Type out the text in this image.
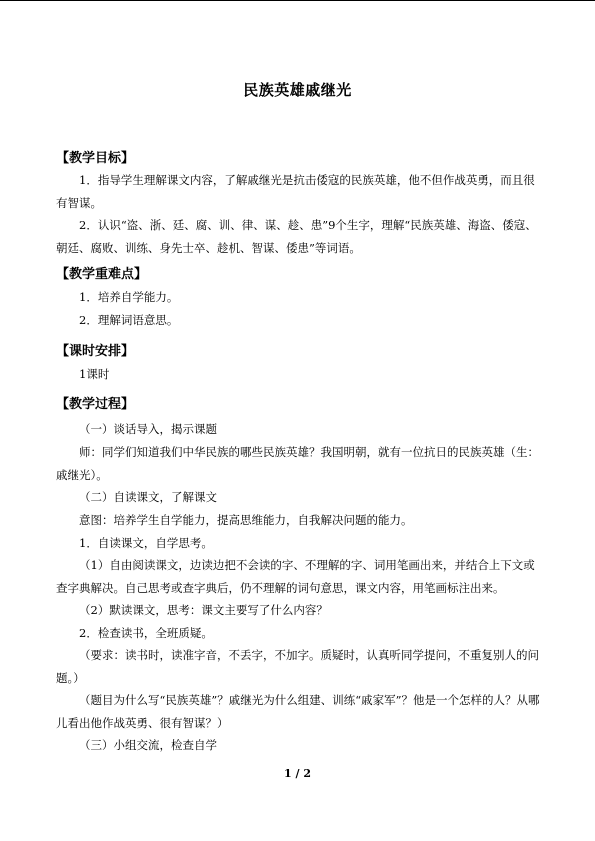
民族英雄戚继光
【教学目标】
1．指导学生理解课文内容，了解戚继光是抗击倭寇的民族英雄，他不但作战英勇，而且很有智谋。
2．认识“盗、浙、廷、腐、训、律、谋、趁、患”9个生字，理解“民族英雄、海盗、倭寇、朝廷、腐败、训练、身先士卒、趁机、智谋、倭患”等词语。
【教学重难点】
1．培养自学能力。
2．理解词语意思。
【课时安排】
1课时
【教学过程】
（一）谈话导入，揭示课题
师：同学们知道我们中华民族的哪些民族英雄？我国明朝，就有一位抗日的民族英雄（生：戚继光）。
（二）自读课文，了解课文
意图：培养学生自学能力，提高思维能力，自我解决问题的能力。
1．自读课文，自学思考。
（1）自由阅读课文，边读边把不会读的字、不理解的字、词用笔画出来，并结合上下文或查字典解决。自己思考或查字典后，仍不理解的词句意思，课文内容，用笔画标注出来。
（2）默读课文，思考：课文主要写了什么内容？
2．检查读书，全班质疑。
（要求：读书时，读准字音，不丢字，不加字。质疑时，认真听同学提问，不重复别人的问题。）
（题目为什么写“民族英雄”？戚继光为什么组建、训练“戚家军”？他是一个怎样的人？从哪儿看出他作战英勇、很有智谋？）
（三）小组交流，检查自学
1 / 2
